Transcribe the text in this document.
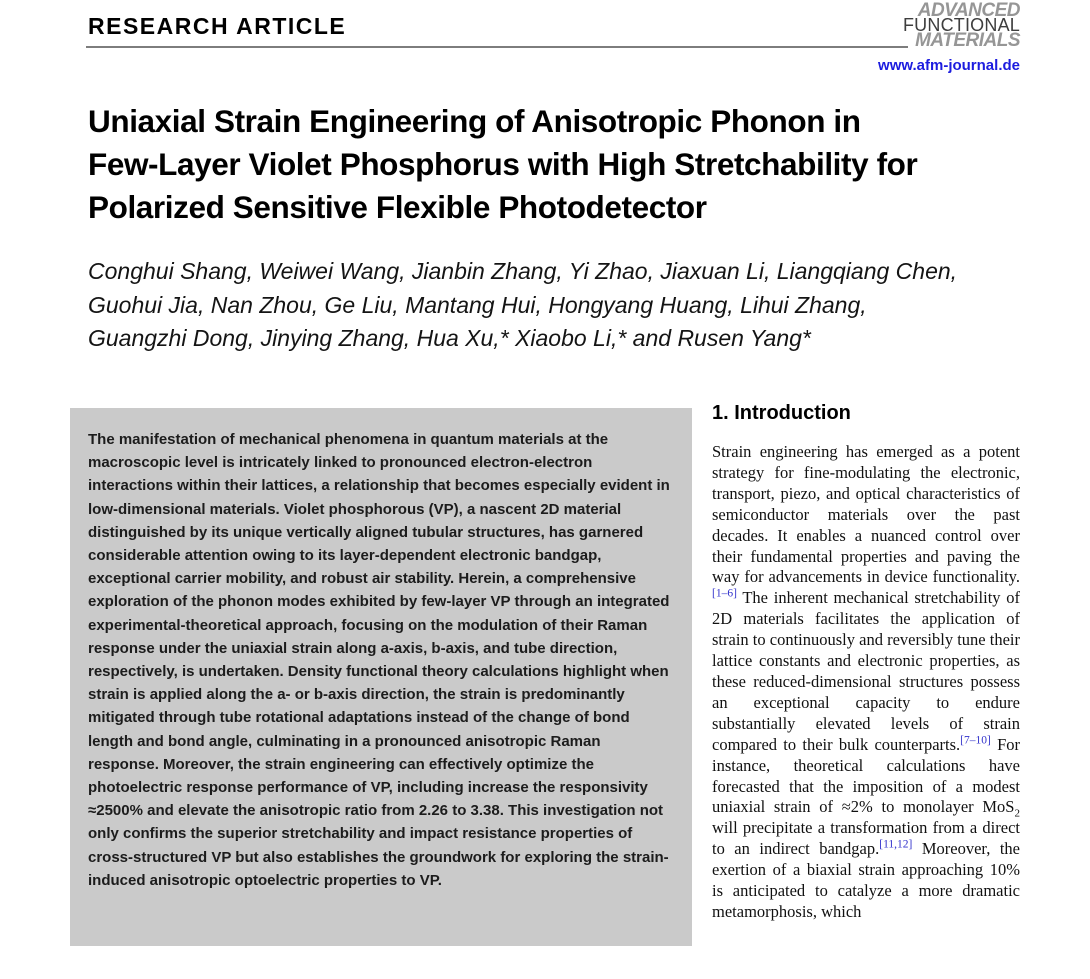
RESEARCH ARTICLE
ADVANCED
FUNCTIONAL
MATERIALS
www.afm-journal.de
Uniaxial Strain Engineering of Anisotropic Phonon in
Few-Layer Violet Phosphorus with High Stretchability for
Polarized Sensitive Flexible Photodetector
Conghui Shang, Weiwei Wang, Jianbin Zhang, Yi Zhao, Jiaxuan Li, Liangqiang Chen,
Guohui Jia, Nan Zhou, Ge Liu, Mantang Hui, Hongyang Huang, Lihui Zhang,
Guangzhi Dong, Jinying Zhang, Hua Xu,* Xiaobo Li,* and Rusen Yang*
The manifestation of mechanical phenomena in quantum materials at the macroscopic level is intricately linked to pronounced electron-electron interactions within their lattices, a relationship that becomes especially evident in low-dimensional materials. Violet phosphorous (VP), a nascent 2D material distinguished by its unique vertically aligned tubular structures, has garnered considerable attention owing to its layer-dependent electronic bandgap, exceptional carrier mobility, and robust air stability. Herein, a comprehensive exploration of the phonon modes exhibited by few-layer VP through an integrated experimental-theoretical approach, focusing on the modulation of their Raman response under the uniaxial strain along a-axis, b-axis, and tube direction, respectively, is undertaken. Density functional theory calculations highlight when strain is applied along the a- or b-axis direction, the strain is predominantly mitigated through tube rotational adaptations instead of the change of bond length and bond angle, culminating in a pronounced anisotropic Raman response. Moreover, the strain engineering can effectively optimize the photoelectric response performance of VP, including increase the responsivity ≈2500% and elevate the anisotropic ratio from 2.26 to 3.38. This investigation not only confirms the superior stretchability and impact resistance properties of cross-structured VP but also establishes the groundwork for exploring the strain-induced anisotropic optoelectric properties to VP.
1. Introduction

Strain engineering has emerged as a potent strategy for fine-modulating the electronic, transport, piezo, and optical characteristics of semiconductor materials over the past decades. It enables a nuanced control over their fundamental properties and paving the way for advancements in device functionality.[1–6] The inherent mechanical stretchability of 2D materials facilitates the application of strain to continuously and reversibly tune their lattice constants and electronic properties, as these reduced-dimensional structures possess an exceptional capacity to endure substantially elevated levels of strain compared to their bulk counterparts.[7–10] For instance, theoretical calculations have forecasted that the imposition of a modest uniaxial strain of ≈2% to monolayer MoS$_2$ will precipitate a transformation from a direct to an indirect bandgap.[11,12] Moreover, the exertion of a biaxial strain approaching 10% is anticipated to catalyze a more dramatic metamorphosis, which
